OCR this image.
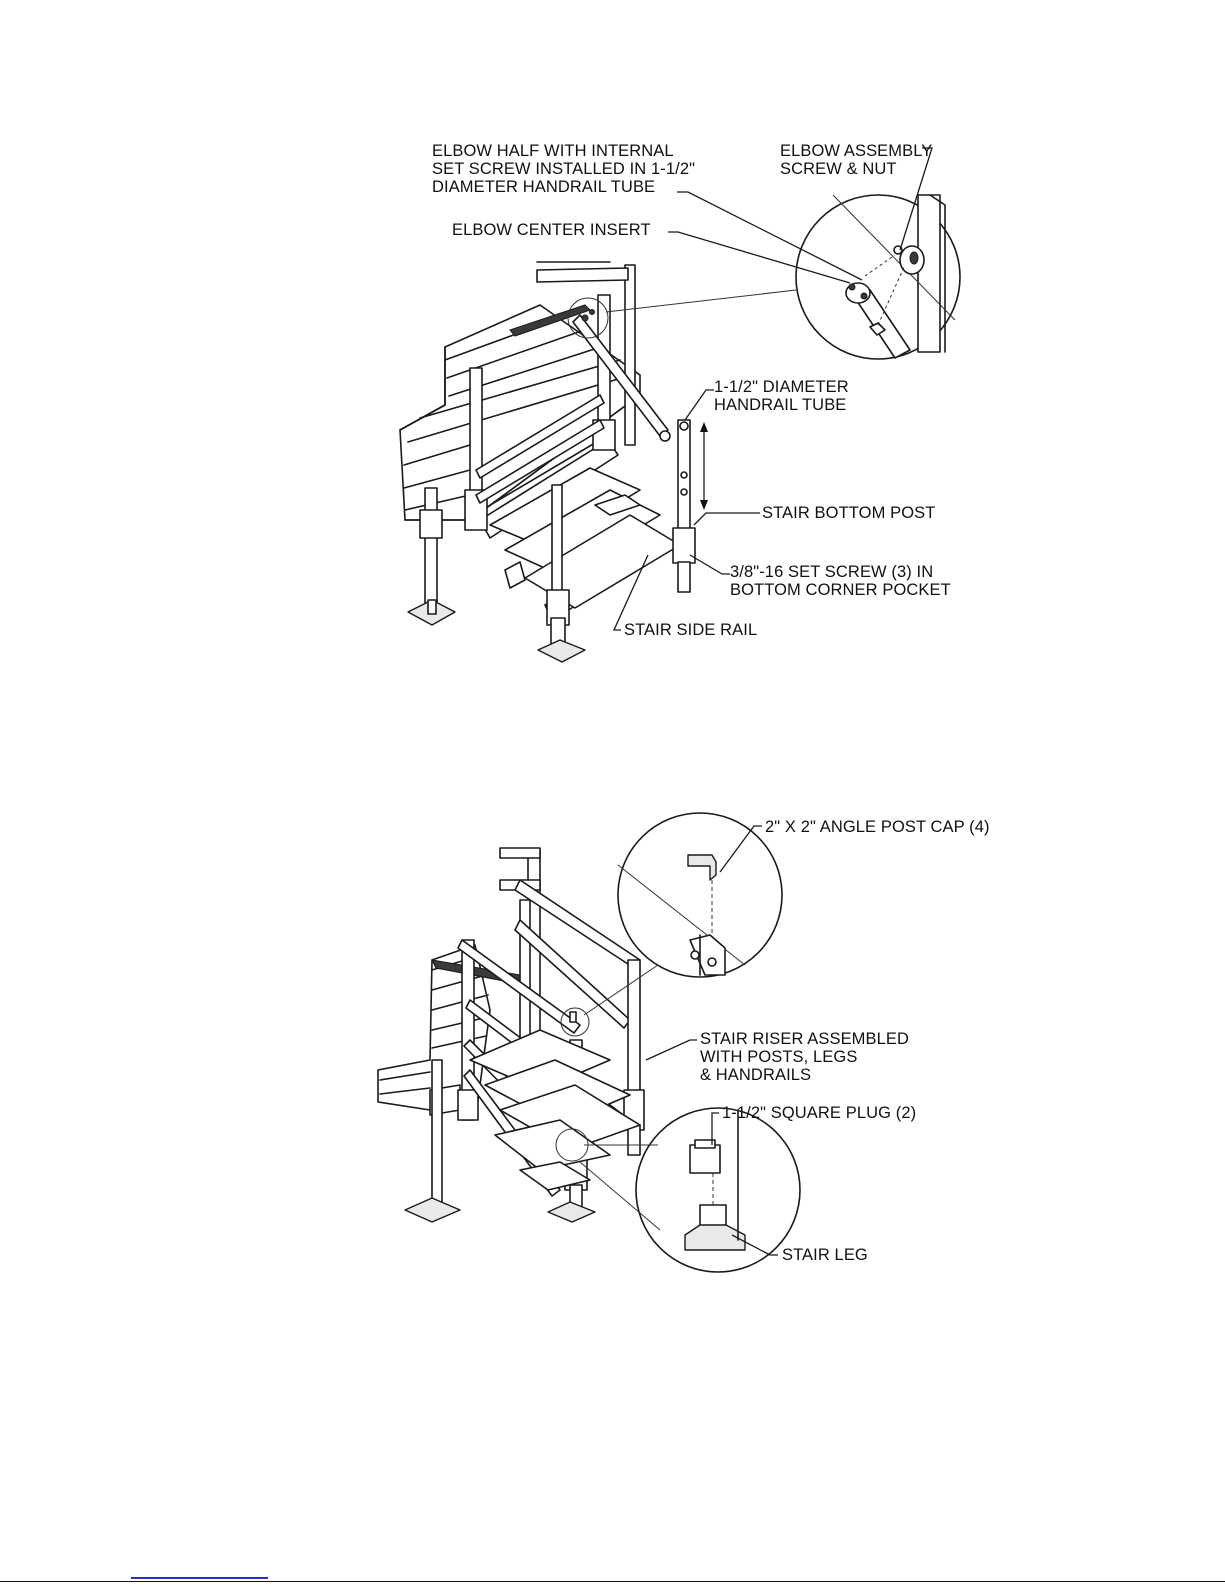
ELBOW HALF WITH INTERNAL
SET SCREW INSTALLED IN 1-1/2"
DIAMETER HANDRAIL TUBE
ELBOW ASSEMBLY
SCREW & NUT
ELBOW CENTER INSERT
1-1/2" DIAMETER
HANDRAIL TUBE
STAIR BOTTOM POST
3/8"-16 SET SCREW (3) IN
BOTTOM CORNER POCKET
STAIR SIDE RAIL
2" X 2" ANGLE POST CAP (4)
STAIR RISER ASSEMBLED
WITH POSTS, LEGS
& HANDRAILS
1-1/2" SQUARE PLUG (2)
STAIR LEG
